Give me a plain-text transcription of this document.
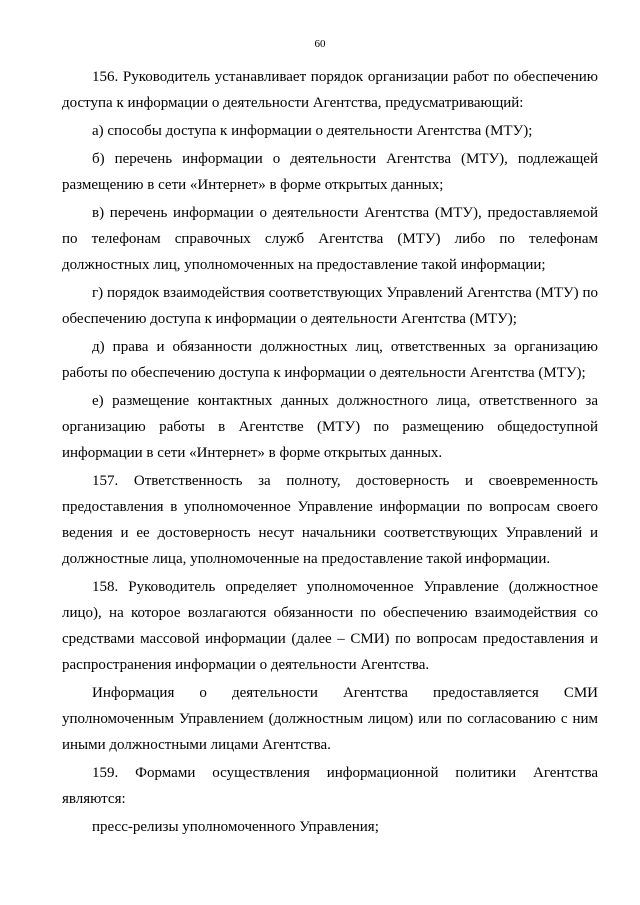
60

156. Руководитель устанавливает порядок организации работ по обеспечению доступа к информации о деятельности Агентства, предусматривающий:

а) способы доступа к информации о деятельности Агентства (МТУ);

б) перечень информации о деятельности Агентства (МТУ), подлежащей размещению в сети «Интернет» в форме открытых данных;

в) перечень информации о деятельности Агентства (МТУ), предоставляемой по телефонам справочных служб Агентства (МТУ) либо по телефонам должностных лиц, уполномоченных на предоставление такой информации;

г) порядок взаимодействия соответствующих Управлений Агентства (МТУ) по обеспечению доступа к информации о деятельности Агентства (МТУ);

д) права и обязанности должностных лиц, ответственных за организацию работы по обеспечению доступа к информации о деятельности Агентства (МТУ);

е) размещение контактных данных должностного лица, ответственного за организацию работы в Агентстве (МТУ) по размещению общедоступной информации в сети «Интернет» в форме открытых данных.

157. Ответственность за полноту, достоверность и своевременность предоставления в уполномоченное Управление информации по вопросам своего ведения и ее достоверность несут начальники соответствующих Управлений и должностные лица, уполномоченные на предоставление такой информации.

158. Руководитель определяет уполномоченное Управление (должностное лицо), на которое возлагаются обязанности по обеспечению взаимодействия со средствами массовой информации (далее – СМИ) по вопросам предоставления и распространения информации о деятельности Агентства.

Информация о деятельности Агентства предоставляется СМИ уполномоченным Управлением (должностным лицом) или по согласованию с ним иными должностными лицами Агентства.

159. Формами осуществления информационной политики Агентства являются:

пресс-релизы уполномоченного Управления;
